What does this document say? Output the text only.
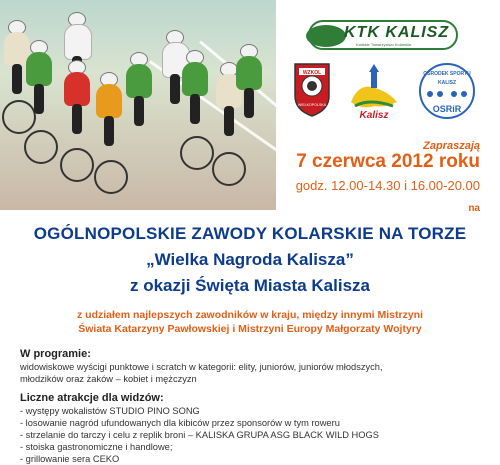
KTK KALISZ
Kaliskie Towarzystwo Kolarskie
WZKOL
WIELKOPOLSKA
Kalisz
OŚRODEK SPORTU
KALISZ
OSRiR
Zapraszają
7 czerwca 2012 roku
godz. 12.00-14.30 i 16.00-20.00
na
OGÓLNOPOLSKIE ZAWODY KOLARSKIE NA TORZE
„Wielka Nagroda Kalisza”
z okazji Święta Miasta Kalisza
z udziałem najlepszych zawodników w kraju, między innymi Mistrzyni
Świata Katarzyny Pawłowskiej i Mistrzyni Europy Małgorzaty Wojtyry
W programie:
widowiskowe wyścigi punktowe i scratch w kategorii: elity, juniorów, juniorów młodszych,
młodzików oraz żaków – kobiet i mężczyzn
Liczne atrakcje dla widzów:
- występy wokalistów STUDIO PINO SONG
- losowanie nagród ufundowanych dla kibiców przez sponsorów w tym roweru
- strzelanie do tarczy i celu z replik broni – KALISKA GRUPA ASG BLACK WILD HOGS
- stoiska gastronomiczne i handlowe;
- grillowanie sera CEKO
